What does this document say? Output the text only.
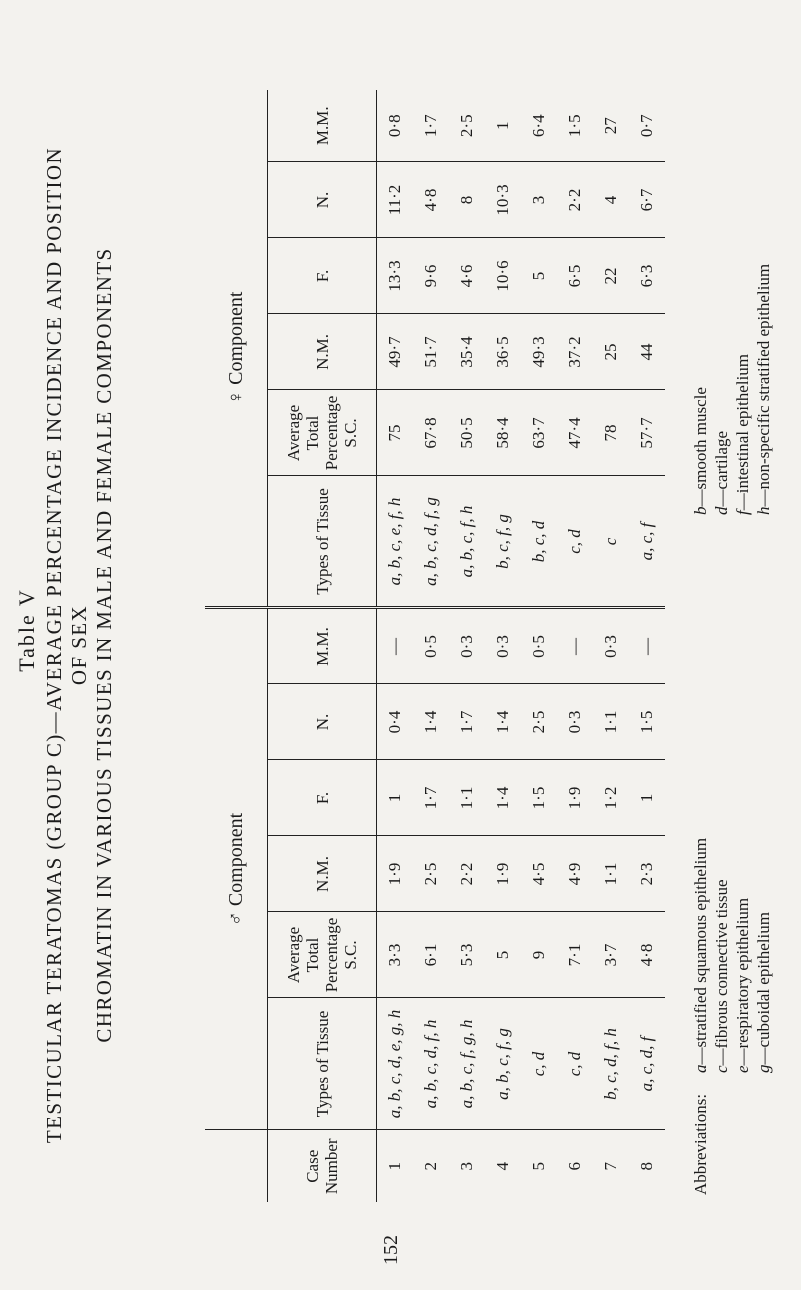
Table V TESTICULAR TERATOMAS (GROUP C)—AVERAGE PERCENTAGE INCIDENCE AND POSITION OF SEX CHROMATIN IN VARIOUS TISSUES IN MALE AND FEMALE COMPONENTS
152
	♂ Component						♀ Component					
Case Number	Types of Tissue	Average Total Percentage S.C.	N.M.	F.	N.	M.M.	Types of Tissue	Average Total Percentage S.C.	N.M.	F.	N.	M.M.
1	a, b, c, d, e, g, h	3·3	1·9	1	0·4	—	a, b, c, e, f, h	75	49·7	13·3	11·2	0·8
2	a, b, c, d, f, h	6·1	2·5	1·7	1·4	0·5	a, b, c, d, f, g	67·8	51·7	9·6	4·8	1·7
3	a, b, c, f, g, h	5·3	2·2	1·1	1·7	0·3	a, b, c, f, h	50·5	35·4	4·6	8	2·5
4	a, b, c, f, g	5	1·9	1·4	1·4	0·3	b, c, f, g	58·4	36·5	10·6	10·3	1
5	c, d	9	4·5	1·5	2·5	0·5	b, c, d	63·7	49·3	5	3	6·4
6	c, d	7·1	4·9	1·9	0·3	—	c, d	47·4	37·2	6·5	2·2	1·5
7	b, c, d, f, h	3·7	1·1	1·2	1·1	0·3	c	78	25	22	4	27
8	a, c, d, f	4·8	2·3	1	1·5	—	a, c, f	57·7	44	6·3	6·7	0·7
Abbreviations:
a—stratified squamous epithelium
c—fibrous connective tissue
e—respiratory epithelium
g—cuboidal epithelium
b—smooth muscle
d—cartilage
f—intestinal epithelium
h—non-specific stratified epithelium
